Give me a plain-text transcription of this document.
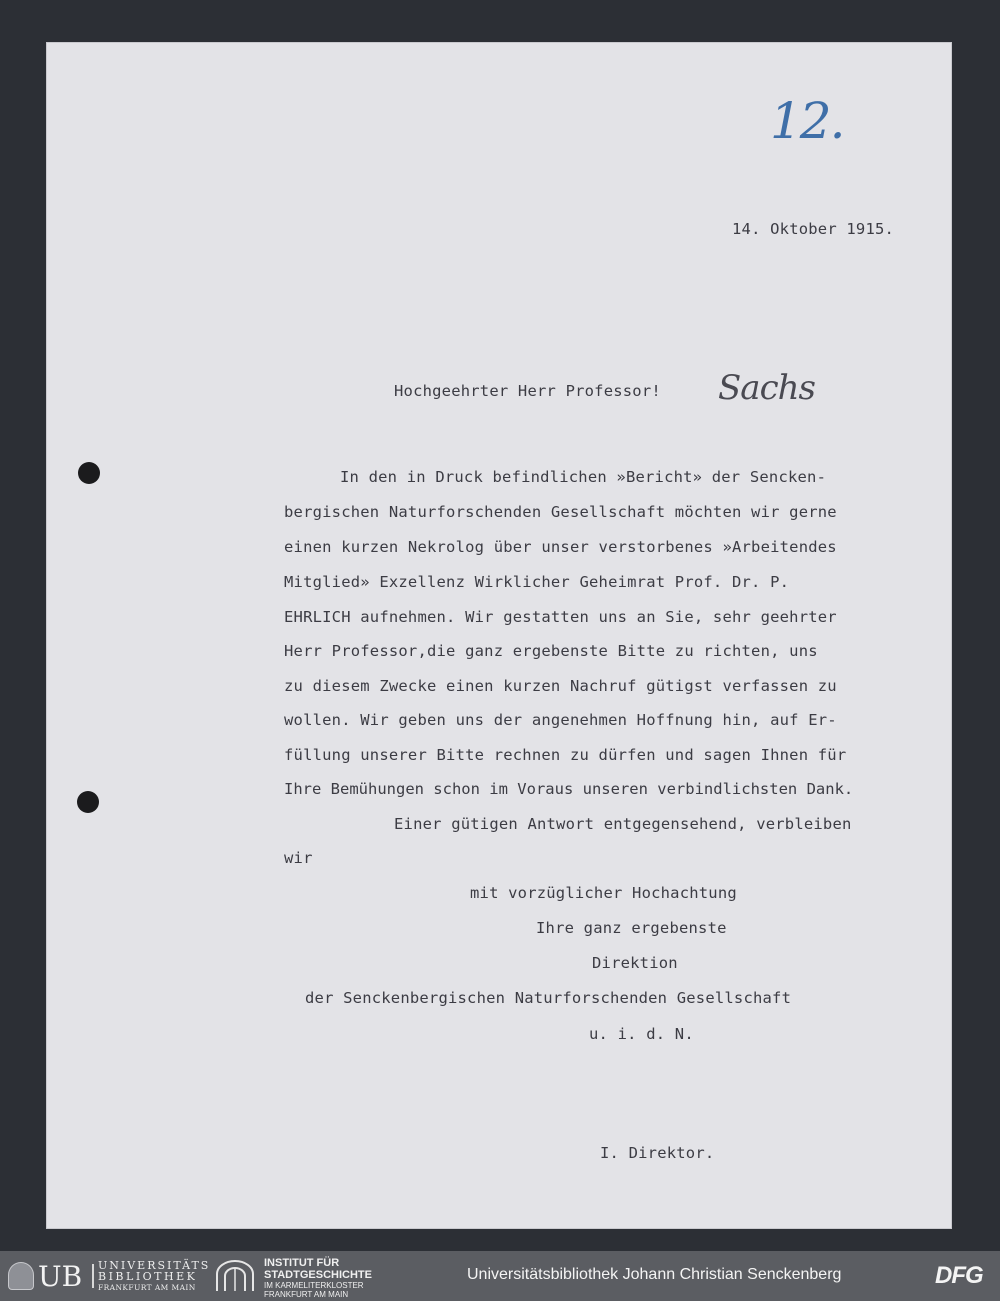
12.
14. Oktober 1915.
Hochgeehrter Herr Professor! Sachs
In den in Druck befindlichen »Bericht» der Sencken-
bergischen Naturforschenden Gesellschaft möchten wir gerne
einen kurzen Nekrolog über unser verstorbenes »Arbeitendes
Mitglied» Exzellenz Wirklicher Geheimrat Prof. Dr. P.
EHRLICH aufnehmen. Wir gestatten uns an Sie, sehr geehrter
Herr Professor,die ganz ergebenste Bitte zu richten, uns
zu diesem Zwecke einen kurzen Nachruf gütigst verfassen zu
wollen. Wir geben uns der angenehmen Hoffnung hin, auf Er-
füllung unserer Bitte rechnen zu dürfen und sagen Ihnen für
Ihre Bemühungen schon im Voraus unseren verbindlichsten Dank.
Einer gütigen Antwort entgegensehend, verbleiben
wir
mit vorzüglicher Hochachtung
Ihre ganz ergebenste
Direktion
der Senckenbergischen Naturforschenden Gesellschaft
u. i. d. N.
I. Direktor.
UB UNIVERSITÄTS
BIBLIOTHEK
FRANKFURT AM MAIN
INSTITUT FÜR
STADTGESCHICHTE
IM KARMELITERKLOSTER
FRANKFURT AM MAIN
Universitätsbibliothek Johann Christian Senckenberg	DFG
